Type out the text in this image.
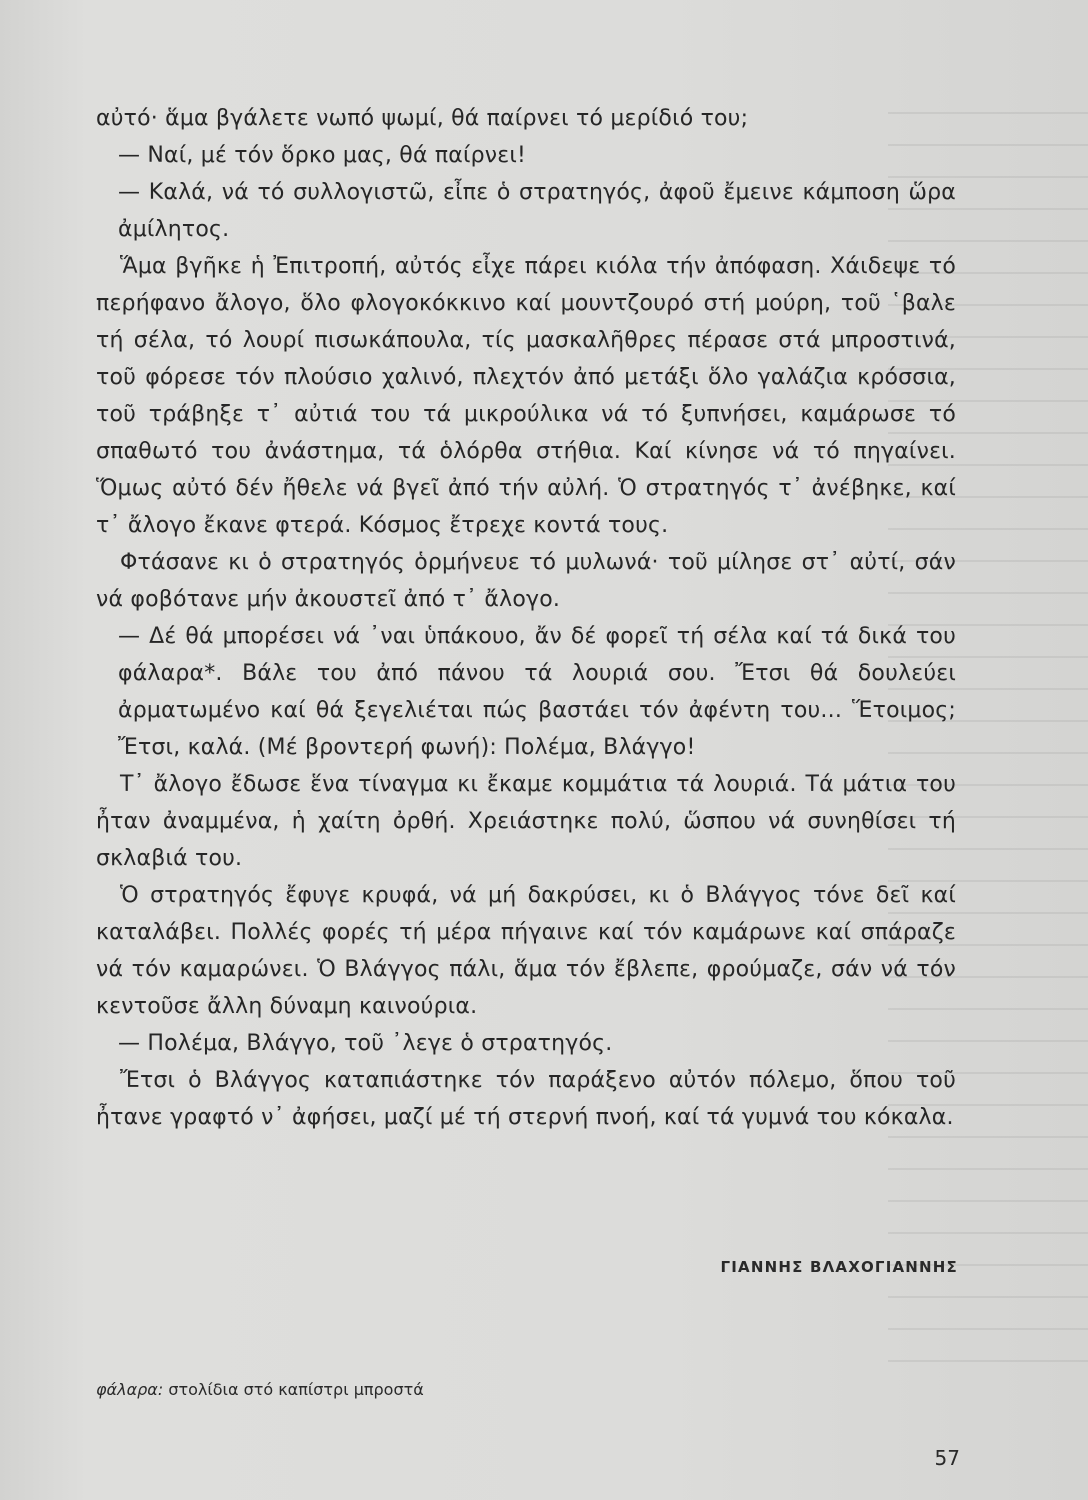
αὐτό· ἅμα βγάλετε νωπό ψωμί, θά παίρνει τό μερίδιό του;

— Ναί, μέ τόν ὅρκο μας, θά παίρνει!

— Καλά, νά τό συλλογιστῶ, εἶπε ὁ στρατηγός, ἀφοῦ ἔμεινε κάμποση ὥρα ἀμίλητος.

Ἅμα βγῆκε ἡ Ἐπιτροπή, αὐτός εἶχε πάρει κιόλα τήν ἀπόφαση. Χάιδεψε τό περήφανο ἄλογο, ὅλο φλογοκόκκινο καί μουντζουρό στή μούρη, τοῦ ῾βαλε τή σέλα, τό λουρί πισωκάπουλα, τίς μασκαλῆθρες πέρασε στά μπροστινά, τοῦ φόρεσε τόν πλούσιο χαλινό, πλεχτόν ἀπό μετάξι ὅλο γαλάζια κρόσσια, τοῦ τράβηξε τ᾽ αὐτιά του τά μικρούλικα νά τό ξυπνήσει, καμάρωσε τό σπαθωτό του ἀνάστημα, τά ὁλόρθα στήθια. Καί κίνησε νά τό πηγαίνει. Ὅμως αὐτό δέν ἤθελε νά βγεῖ ἀπό τήν αὐλή. Ὁ στρατηγός τ᾽ ἀνέβηκε, καί τ᾽ ἄλογο ἔκανε φτερά. Κόσμος ἔτρεχε κοντά τους.

Φτάσανε κι ὁ στρατηγός ὁρμήνευε τό μυλωνά· τοῦ μίλησε στ᾽ αὐτί, σάν νά φοβότανε μήν ἀκουστεῖ ἀπό τ᾽ ἄλογο.

— Δέ θά μπορέσει νά ᾽ναι ὑπάκουο, ἄν δέ φορεῖ τή σέλα καί τά δικά του φάλαρα*. Βάλε του ἀπό πάνου τά λουριά σου. Ἔτσι θά δουλεύει ἀρματωμένο καί θά ξεγελιέται πώς βαστάει τόν ἀφέντη του... Ἕτοιμος; Ἔτσι, καλά. (Μέ βροντερή φωνή): Πολέμα, Βλάγγο!

Τ᾽ ἄλογο ἔδωσε ἕνα τίναγμα κι ἔκαμε κομμάτια τά λουριά. Τά μάτια του ἦταν ἀναμμένα, ἡ χαίτη ὀρθή. Χρειάστηκε πολύ, ὥσπου νά συνηθίσει τή σκλαβιά του.

Ὁ στρατηγός ἔφυγε κρυφά, νά μή δακρύσει, κι ὁ Βλάγγος τόνε δεῖ καί καταλάβει. Πολλές φορές τή μέρα πήγαινε καί τόν καμάρωνε καί σπάραζε νά τόν καμαρώνει. Ὁ Βλάγγος πάλι, ἅμα τόν ἔβλεπε, φρούμαζε, σάν νά τόν κεντοῦσε ἄλλη δύναμη καινούρια.

— Πολέμα, Βλάγγο, τοῦ ᾽λεγε ὁ στρατηγός.

Ἔτσι ὁ Βλάγγος καταπιάστηκε τόν παράξενο αὐτόν πόλεμο, ὅπου τοῦ ἦτανε γραφτό ν᾽ ἀφήσει, μαζί μέ τή στερνή πνοή, καί τά γυμνά του κόκαλα.

ΓΙΑΝΝΗΣ ΒΛΑΧΟΓΙΑΝΝΗΣ
φάλαρα: στολίδια στό καπίστρι μπροστά
57
